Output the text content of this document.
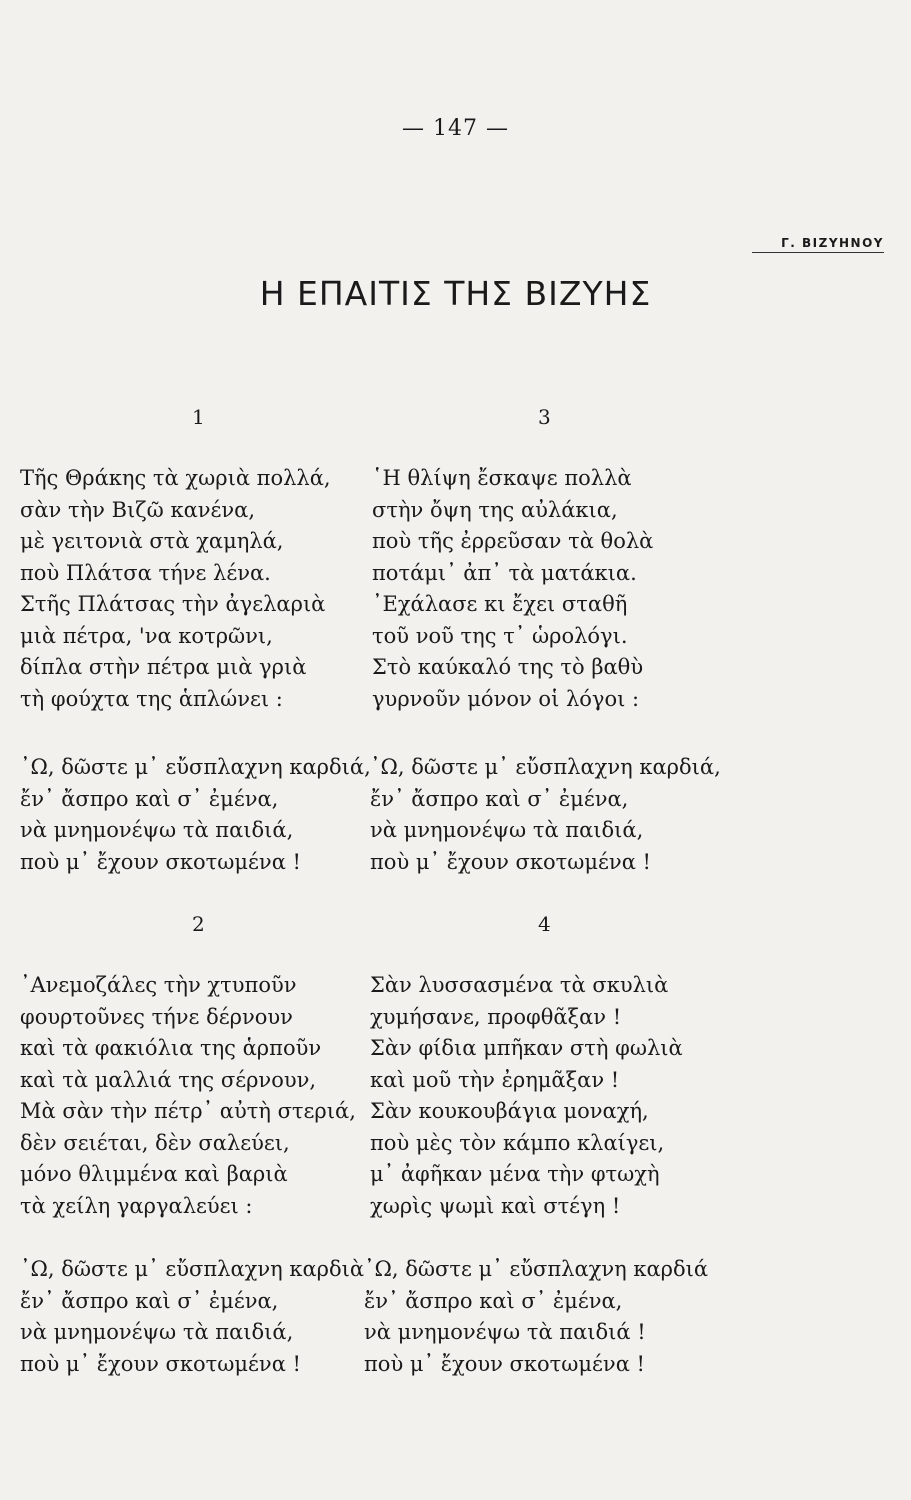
— 147 —
Γ. ΒΙΖΥΗΝΟΥ
Η ΕΠΑΙΤΙΣ ΤΗΣ ΒΙΖΥΗΣ
1	3
2	4
Τῆς Θράκης τὰ χωριὰ πολλά,
σὰν τὴν Βιζῶ κανένα,
μὲ γειτονιὰ στὰ χαμηλά,
ποὺ Πλάτσα τήνε λένα.
Στῆς Πλάτσας τὴν ἀγελαριὰ
μιὰ πέτρα, 'να κοτρῶνι,
δίπλα στὴν πέτρα μιὰ γριὰ
τὴ φούχτα της ἁπλώνει :
῾Η θλίψη ἔσκαψε πολλὰ
στὴν ὄψη της αὐλάκια,
ποὺ τῆς ἐρρεῦσαν τὰ θολὰ
ποτάμι᾿ ἀπ᾿ τὰ ματάκια.
᾿Εχάλασε κι ἔχει σταθῆ
τοῦ νοῦ της τ᾿ ὡρολόγι.
Στὸ καύκαλό της τὸ βαθὺ
γυρνοῦν μόνον οἱ λόγοι :
᾿Ω, δῶστε μ᾿ εὔσπλαχνη καρδιά,
ἔν᾿ ἄσπρο καὶ σ᾿ ἐμένα,
νὰ μνημονέψω τὰ παιδιά,
ποὺ μ᾿ ἔχουν σκοτωμένα !
᾿Ω, δῶστε μ᾿ εὔσπλαχνη καρδιά,
ἔν᾿ ἄσπρο καὶ σ᾿ ἐμένα,
νὰ μνημονέψω τὰ παιδιά,
ποὺ μ᾿ ἔχουν σκοτωμένα !
᾿Ανεμοζάλες τὴν χτυποῦν
φουρτοῦνες τήνε δέρνουν
καὶ τὰ φακιόλια της ἁρποῦν
καὶ τὰ μαλλιά της σέρνουν,
Μὰ σὰν τὴν πέτρ᾿ αὐτὴ στεριά,
δὲν σειέται, δὲν σαλεύει,
μόνο θλιμμένα καὶ βαριὰ
τὰ χείλη γαργαλεύει :
Σὰν λυσσασμένα τὰ σκυλιὰ
χυμήσανε, προφθᾶξαν !
Σὰν φίδια μπῆκαν στὴ φωλιὰ
καὶ μοῦ τὴν ἐρημᾶξαν !
Σὰν κουκουβάγια μοναχή,
ποὺ μὲς τὸν κάμπο κλαίγει,
μ᾿ ἀφῆκαν μένα τὴν φτωχὴ
χωρὶς ψωμὶ καὶ στέγη !
᾿Ω, δῶστε μ᾿ εὔσπλαχνη καρδιὰ
ἔν᾿ ἄσπρο καὶ σ᾿ ἐμένα,
νὰ μνημονέψω τὰ παιδιά,
ποὺ μ᾿ ἔχουν σκοτωμένα !
᾿Ω, δῶστε μ᾿ εὔσπλαχνη καρδιά
ἔν᾿ ἄσπρο καὶ σ᾿ ἐμένα,
νὰ μνημονέψω τὰ παιδιά !
ποὺ μ᾿ ἔχουν σκοτωμένα !
